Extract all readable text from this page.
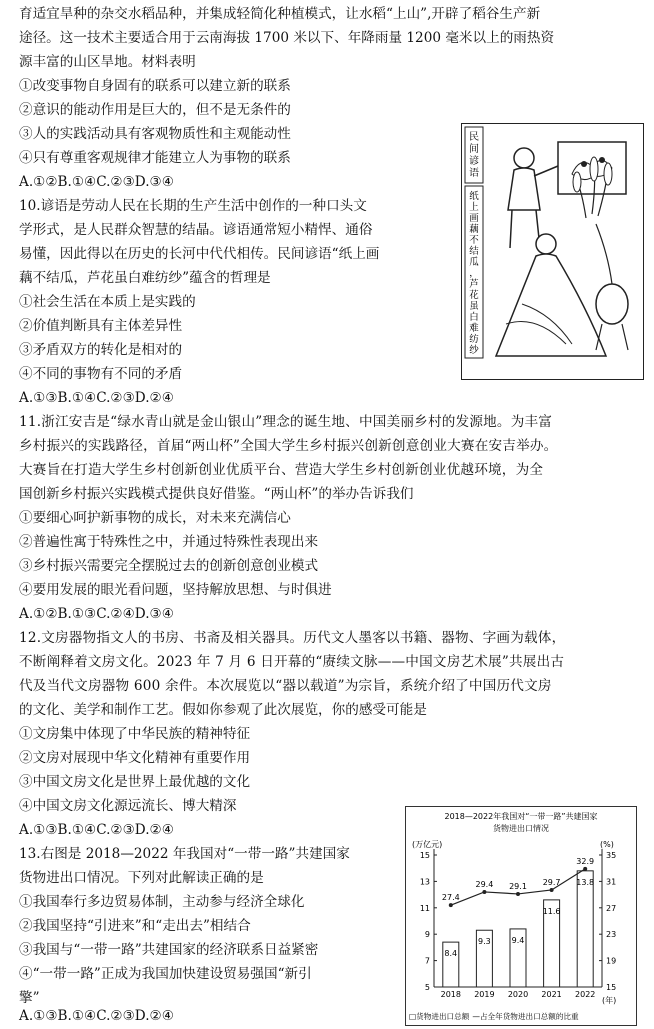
育适宜旱种的杂交水稻品种，并集成轻简化种植模式，让水稻“上山”,开辟了稻谷生产新
途径。这一技术主要适合用于云南海拔 1700 米以下、年降雨量 1200 毫米以上的雨热资
源丰富的山区旱地。材料表明
①改变事物自身固有的联系可以建立新的联系
②意识的能动作用是巨大的，但不是无条件的
③人的实践活动具有客观物质性和主观能动性
④只有尊重客观规律才能建立人为事物的联系
A.①②B.①④C.②③D.③④
10.谚语是劳动人民在长期的生产生活中创作的一种口头文
学形式，是人民群众智慧的结晶。谚语通常短小精悍、通俗
易懂，因此得以在历史的长河中代代相传。民间谚语“纸上画
藕不结瓜，芦花虽白难纺纱”蕴含的哲理是
①社会生活在本质上是实践的
②价值判断具有主体差异性
③矛盾双方的转化是相对的
④不同的事物有不同的矛盾
A.①③B.①④C.②③D.②④
11.浙江安吉是“绿水青山就是金山银山”理念的诞生地、中国美丽乡村的发源地。为丰富
乡村振兴的实践路径，首届“两山杯”全国大学生乡村振兴创新创意创业大赛在安吉举办。
大赛旨在打造大学生乡村创新创业优质平台、营造大学生乡村创新创业优越环境，为全
国创新乡村振兴实践模式提供良好借鉴。“两山杯”的举办告诉我们
①要细心呵护新事物的成长，对未来充满信心
②普遍性寓于特殊性之中，并通过特殊性表现出来
③乡村振兴需要完全摆脱过去的创新创意创业模式
④要用发展的眼光看问题，坚持解放思想、与时俱进
A.①②B.①③C.②④D.③④
12.文房器物指文人的书房、书斋及相关器具。历代文人墨客以书籍、器物、字画为载体，
不断阐释着文房文化。2023 年 7 月 6 日开幕的“赓续文脉——中国文房艺术展”共展出古
代及当代文房器物 600 余件。本次展览以“器以载道”为宗旨，系统介绍了中国历代文房
的文化、美学和制作工艺。假如你参观了此次展览，你的感受可能是
①文房集中体现了中华民族的精神特征
②文房对展现中华文化精神有重要作用
③中国文房文化是世界上最优越的文化
④中国文房文化源远流长、博大精深
A.①③B.①④C.②③D.②④
13.右图是 2018—2022 年我国对“一带一路”共建国家
货物进出口情况。下列对此解读正确的是
①我国奉行多边贸易体制，主动参与经济全球化
②我国坚持“引进来”和“走出去”相结合
③我国与“一带一路”共建国家的经济联系日益紧密
④“一带一路”正成为我国加快建设贸易强国“新引
擎”
A.①③B.①④C.②③D.②④
民间谚语
纸上画藕不结瓜，芦花虽白难纺纱
2018—2022年我国对“一带一路”共建国家
货物进出口情况
(万亿元)	(%)
5
7
9
11
13
15
15
19
23
27
31
35
8.4
2018
9.3
2019
9.4
2020
11.6
2021
13.8
2022
27.4
29.4 29.1 29.7
32.9
(年)
□货物进出口总额 —占全年货物进出口总额的比重
